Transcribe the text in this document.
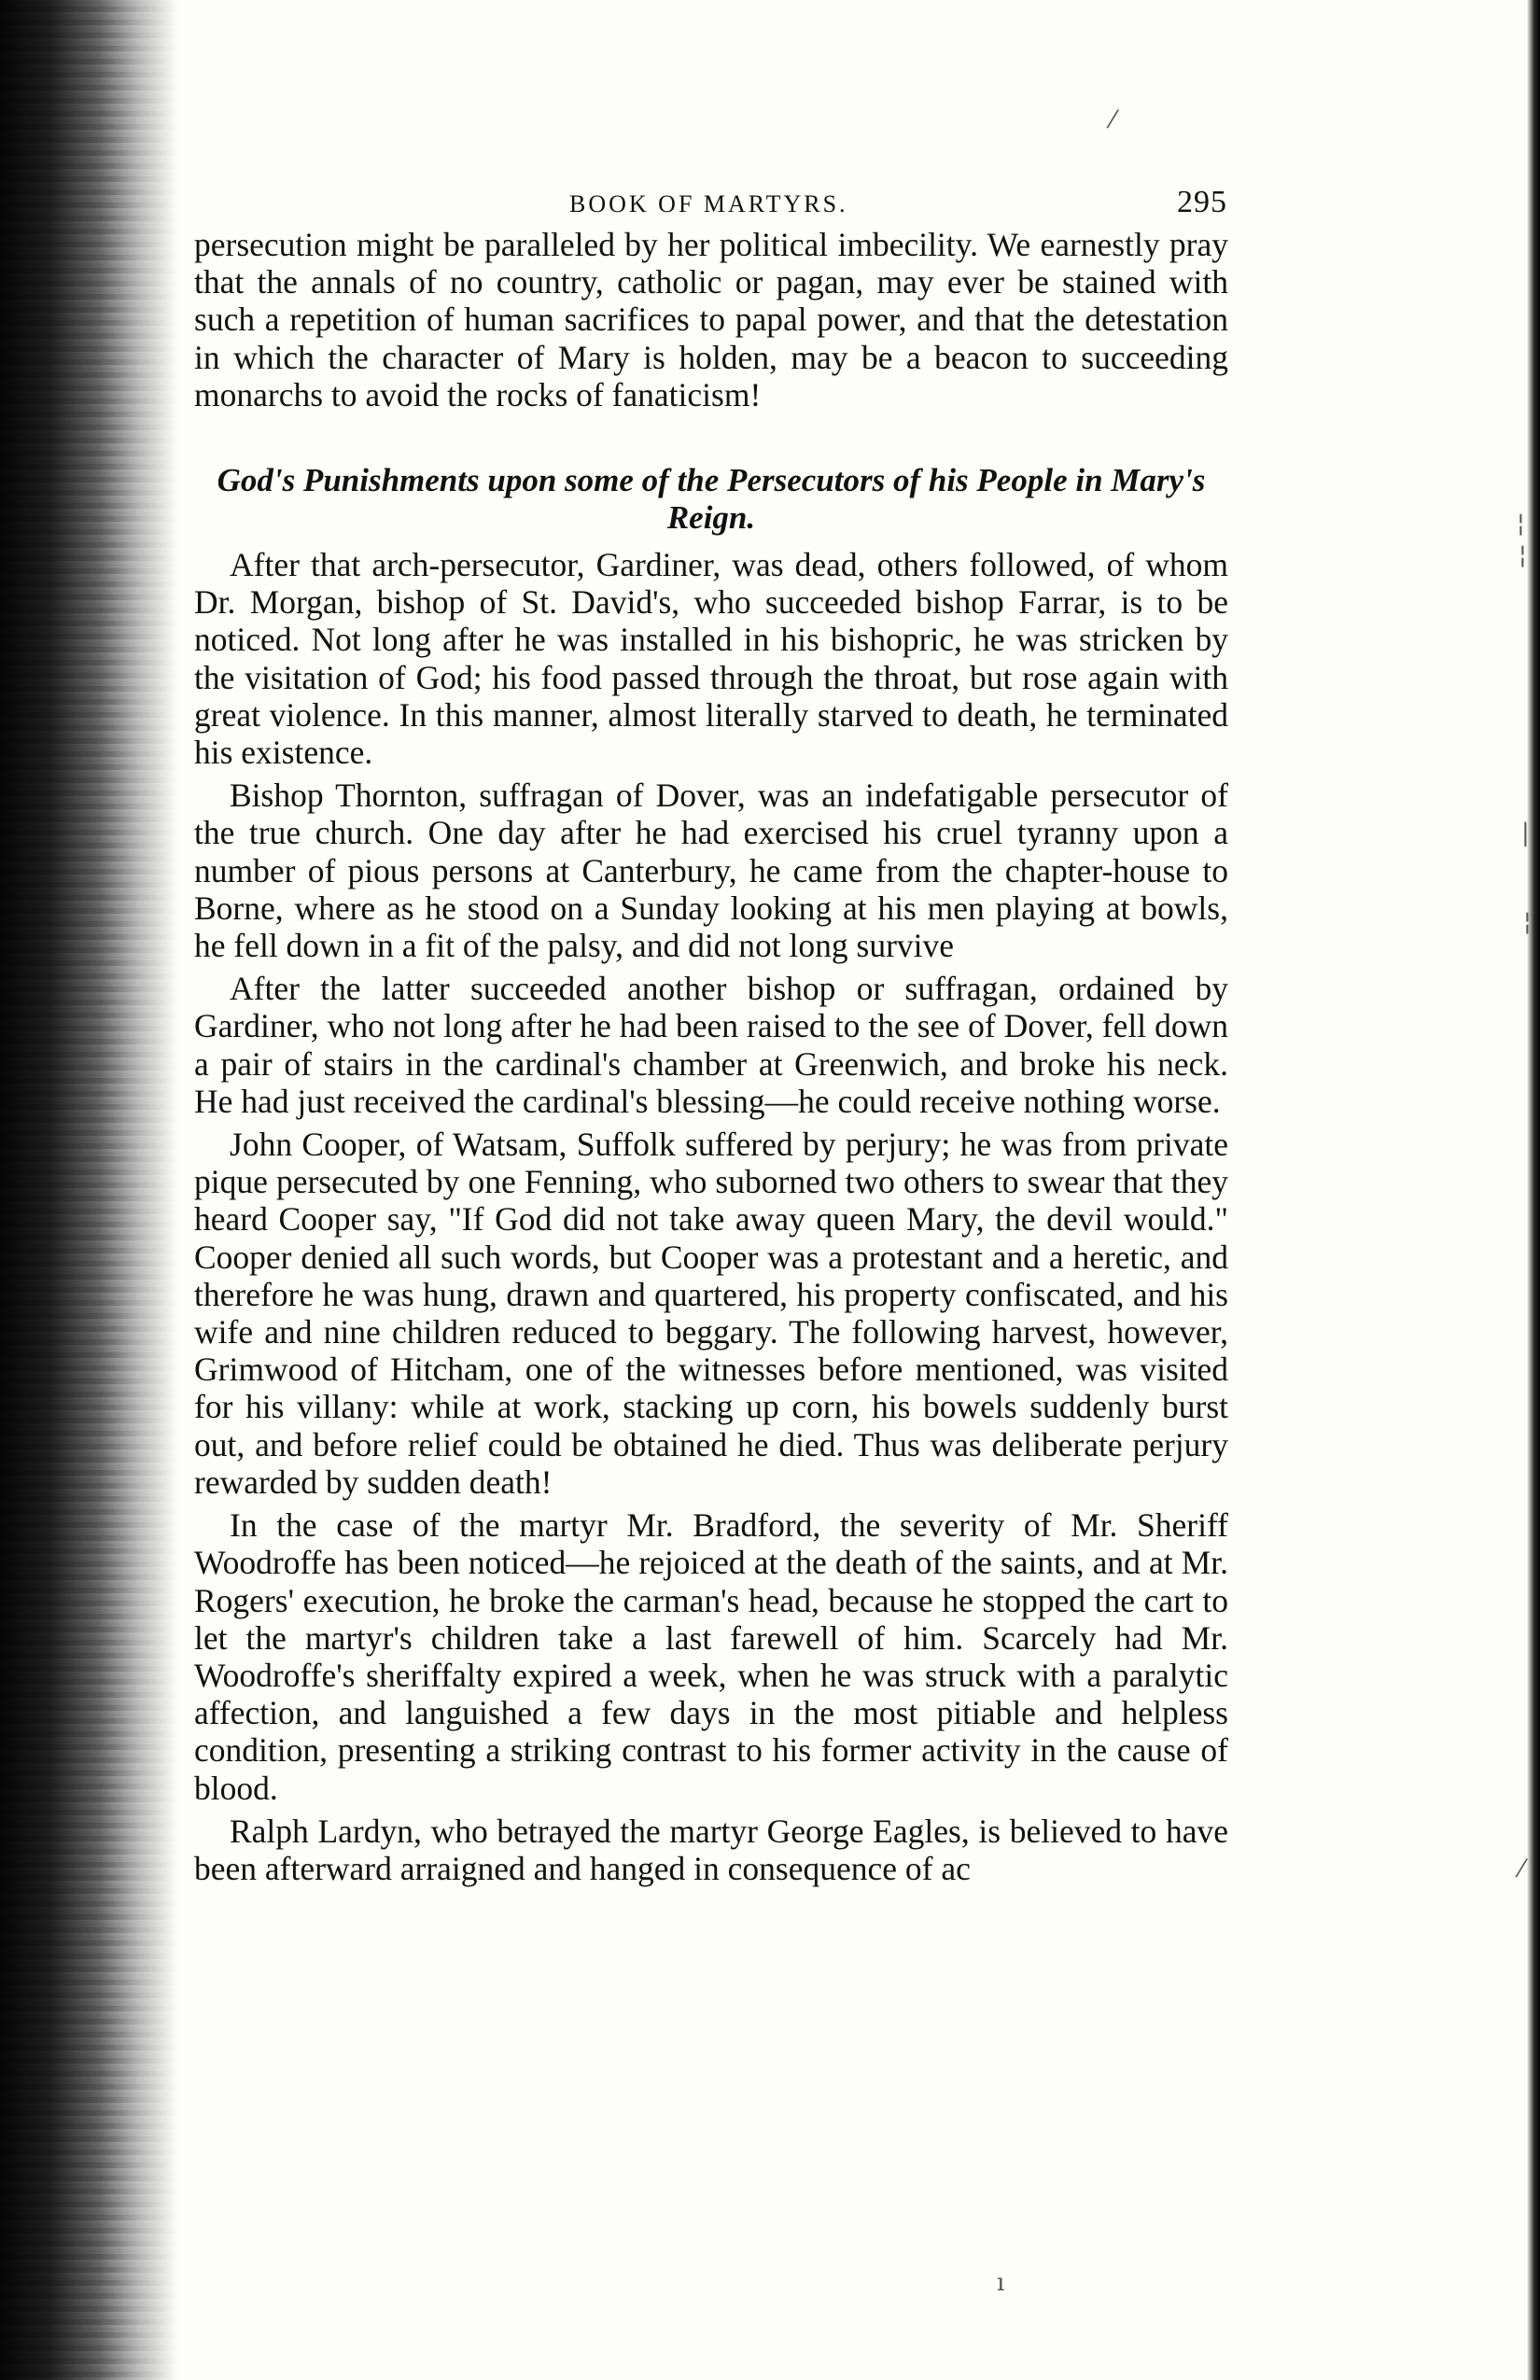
¦
¦
|
¦
⁄
ı
⁄
BOOK OF MARTYRS.	295

persecution might be paralleled by her political imbecility. We earnestly pray that the annals of no country, catholic or pagan, may ever be stained with such a repetition of human sacrifices to papal power, and that the detestation in which the character of Mary is holden, may be a beacon to succeeding monarchs to avoid the rocks of fanaticism!

God's Punishments upon some of the Persecutors of his People in Mary's Reign.

After that arch-persecutor, Gardiner, was dead, others followed, of whom Dr. Morgan, bishop of St. David's, who succeeded bishop Farrar, is to be noticed. Not long after he was installed in his bishopric, he was stricken by the visitation of God; his food passed through the throat, but rose again with great violence. In this manner, almost literally starved to death, he terminated his existence.

Bishop Thornton, suffragan of Dover, was an indefatigable persecutor of the true church. One day after he had exercised his cruel tyranny upon a number of pious persons at Canterbury, he came from the chapter-house to Borne, where as he stood on a Sunday looking at his men playing at bowls, he fell down in a fit of the palsy, and did not long survive

After the latter succeeded another bishop or suffragan, ordained by Gardiner, who not long after he had been raised to the see of Dover, fell down a pair of stairs in the cardinal's chamber at Greenwich, and broke his neck. He had just received the cardinal's blessing—he could receive nothing worse.

John Cooper, of Watsam, Suffolk suffered by perjury; he was from private pique persecuted by one Fenning, who suborned two others to swear that they heard Cooper say, "If God did not take away queen Mary, the devil would." Cooper denied all such words, but Cooper was a protestant and a heretic, and therefore he was hung, drawn and quartered, his property confiscated, and his wife and nine children reduced to beggary. The following harvest, however, Grimwood of Hitcham, one of the witnesses before mentioned, was visited for his villany: while at work, stacking up corn, his bowels suddenly burst out, and before relief could be obtained he died. Thus was deliberate perjury rewarded by sudden death!

In the case of the martyr Mr. Bradford, the severity of Mr. Sheriff Woodroffe has been noticed—he rejoiced at the death of the saints, and at Mr. Rogers' execution, he broke the carman's head, because he stopped the cart to let the martyr's children take a last farewell of him. Scarcely had Mr. Woodroffe's sheriffalty expired a week, when he was struck with a paralytic affection, and languished a few days in the most pitiable and helpless condition, presenting a striking contrast to his former activity in the cause of blood.

Ralph Lardyn, who betrayed the martyr George Eagles, is believed to have been afterward arraigned and hanged in consequence of ac
